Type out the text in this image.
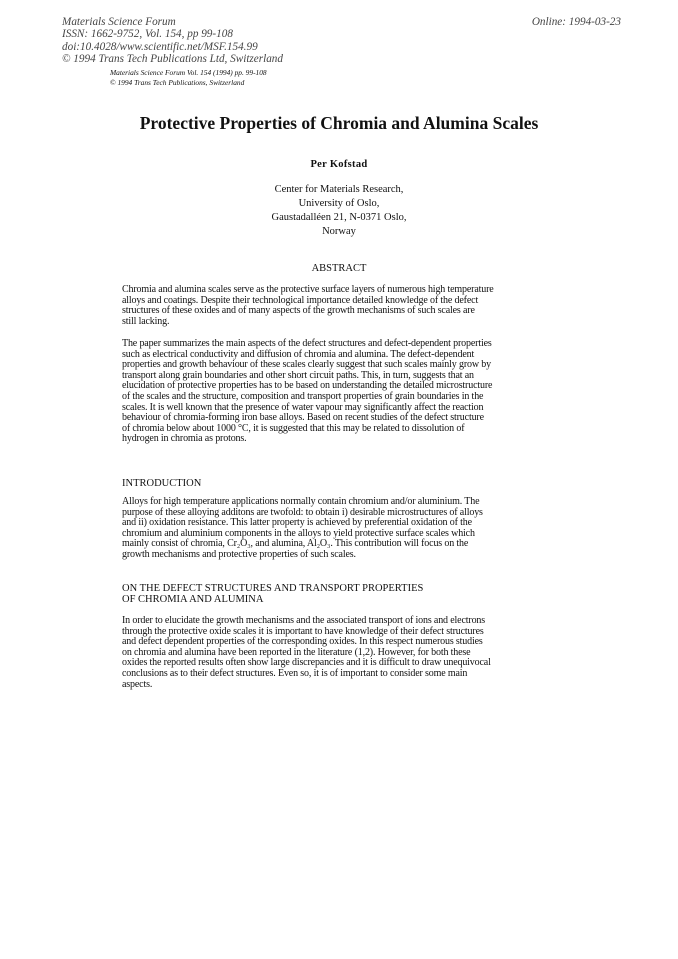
Materials Science Forum
ISSN: 1662-9752, Vol. 154, pp 99-108
doi:10.4028/www.scientific.net/MSF.154.99
© 1994 Trans Tech Publications Ltd, Switzerland
Online: 1994-03-23
Materials Science Forum Vol. 154 (1994) pp. 99-108
© 1994 Trans Tech Publications, Switzerland
Protective Properties of Chromia and Alumina Scales
Per Kofstad
Center for Materials Research,
University of Oslo,
Gaustadalléen 21, N-0371 Oslo,
Norway
ABSTRACT
Chromia and alumina scales serve as the protective surface layers of numerous high temperature
alloys and coatings. Despite their technological importance detailed knowledge of the defect
structures of these oxides and of many aspects of the growth mechanisms of such scales are
still lacking.
The paper summarizes the main aspects of the defect structures and defect-dependent properties
such as electrical conductivity and diffusion of chromia and alumina. The defect-dependent
properties and growth behaviour of these scales clearly suggest that such scales mainly grow by
transport along grain boundaries and other short circuit paths. This, in turn, suggests that an
elucidation of protective properties has to be based on understanding the detailed microstructure
of the scales and the structure, composition and transport properties of grain boundaries in the
scales. It is well known that the presence of water vapour may significantly affect the reaction
behaviour of chromia-forming iron base alloys. Based on recent studies of the defect structure
of chromia below about 1000 °C, it is suggested that this may be related to dissolution of
hydrogen in chromia as protons.
INTRODUCTION
Alloys for high temperature applications normally contain chromium and/or aluminium. The
purpose of these alloying additons are twofold: to obtain i) desirable microstructures of alloys
and ii) oxidation resistance. This latter property is achieved by preferential oxidation of the
chromium and aluminium components in the alloys to yield protective surface scales which
mainly consist of chromia, Cr₂O₃, and alumina, Al₂O₃. This contribution will focus on the
growth mechanisms and protective properties of such scales.
ON THE DEFECT STRUCTURES AND TRANSPORT PROPERTIES
OF CHROMIA AND ALUMINA
In order to elucidate the growth mechanisms and the associated transport of ions and electrons
through the protective oxide scales it is important to have knowledge of their defect structures
and defect dependent properties of the corresponding oxides. In this respect numerous studies
on chromia and alumina have been reported in the literature (1,2). However, for both these
oxides the reported results often show large discrepancies and it is difficult to draw unequivocal
conclusions as to their defect structures. Even so, it is of important to consider some main
aspects.
